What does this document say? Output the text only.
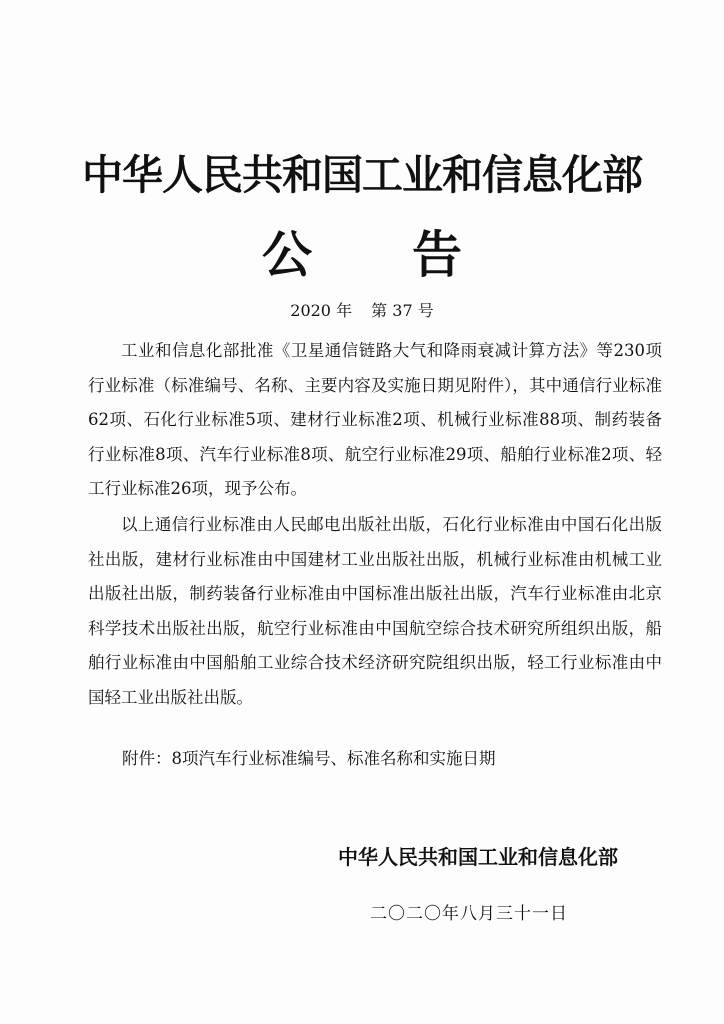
中华人民共和国工业和信息化部
公告
2020 年 第 37 号

工业和信息化部批准《卫星通信链路大气和降雨衰减计算方法》等230项行业标准（标准编号、名称、主要内容及实施日期见附件），其中通信行业标准62项、石化行业标准5项、建材行业标准2项、机械行业标准88项、制药装备行业标准8项、汽车行业标准8项、航空行业标准29项、船舶行业标准2项、轻工行业标准26项，现予公布。

以上通信行业标准由人民邮电出版社出版，石化行业标准由中国石化出版社出版，建材行业标准由中国建材工业出版社出版，机械行业标准由机械工业出版社出版，制药装备行业标准由中国标准出版社出版，汽车行业标准由北京科学技术出版社出版，航空行业标准由中国航空综合技术研究所组织出版，船舶行业标准由中国船舶工业综合技术经济研究院组织出版，轻工行业标准由中国轻工业出版社出版。

附件：8项汽车行业标准编号、标准名称和实施日期
中华人民共和国工业和信息化部
二〇二〇年八月三十一日
